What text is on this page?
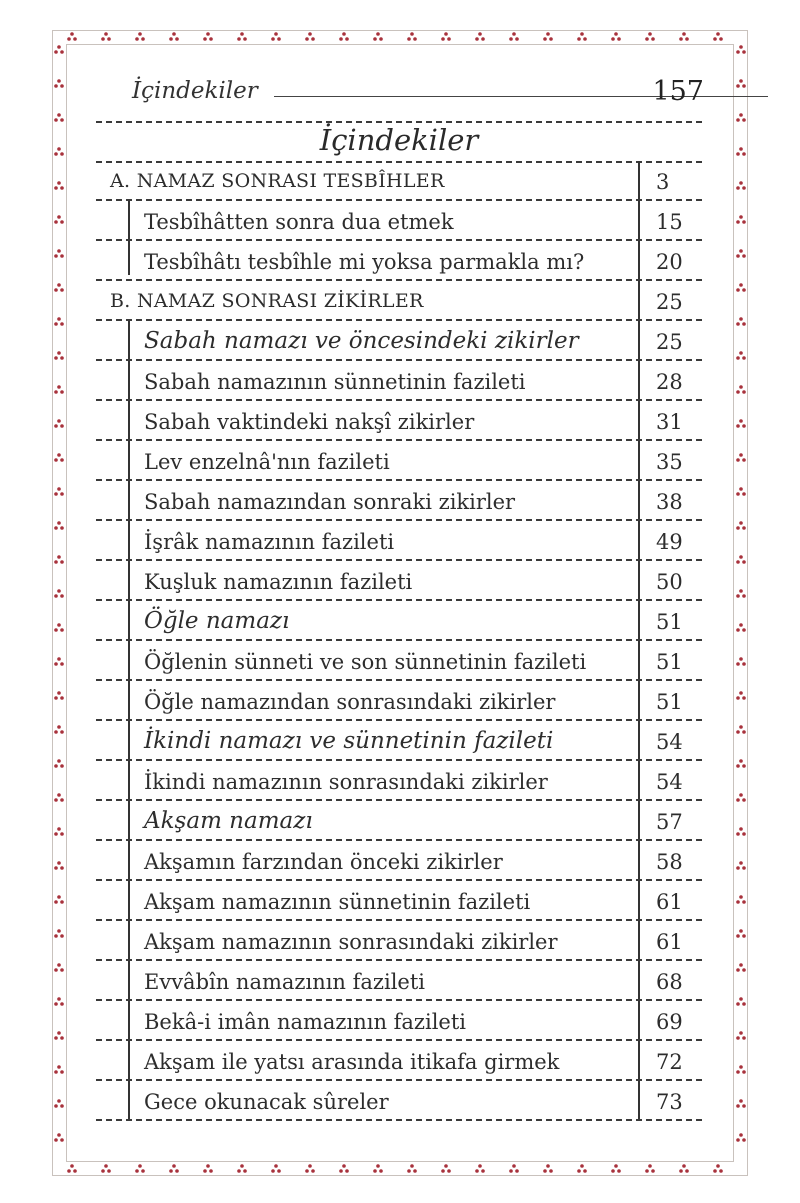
İçindekiler	157
İçindekiler
A. NAMAZ SONRASI TESBÎHLER	3
Tesbîhâtten sonra dua etmek	15
Tesbîhâtı tesbîhle mi yoksa parmakla mı?	20
B. NAMAZ SONRASI ZİKİRLER	25
Sabah namazı ve öncesindeki zikirler	25
Sabah namazının sünnetinin fazileti	28
Sabah vaktindeki nakşî zikirler	31
Lev enzelnâ'nın fazileti	35
Sabah namazından sonraki zikirler	38
İşrâk namazının fazileti	49
Kuşluk namazının fazileti	50
Öğle namazı	51
Öğlenin sünneti ve son sünnetinin fazileti	51
Öğle namazından sonrasındaki zikirler	51
İkindi namazı ve sünnetinin fazileti	54
İkindi namazının sonrasındaki zikirler	54
Akşam namazı	57
Akşamın farzından önceki zikirler	58
Akşam namazının sünnetinin fazileti	61
Akşam namazının sonrasındaki zikirler	61
Evvâbîn namazının fazileti	68
Bekâ-i imân namazının fazileti	69
Akşam ile yatsı arasında itikafa girmek	72
Gece okunacak sûreler	73
